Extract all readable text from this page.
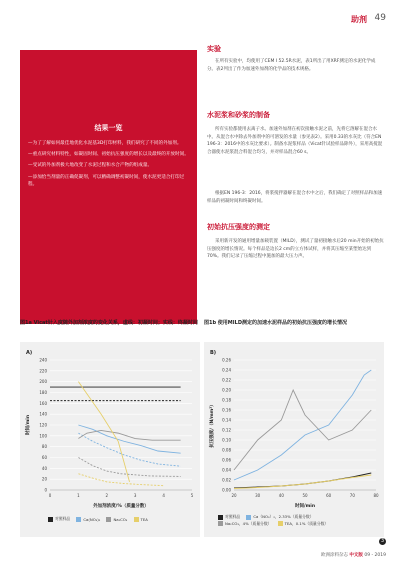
助剂 49
结果一览
—为了了解如何最佳地优化水泥基3D打印材料，我们研究了不同的外加剂。
—重点研究材料特性，如凝固时间、初始抗压强度的增长以及最终的开放时间。
—受试的外加剂极大地改变了水泥过程和水合产物的组成量。
—添加恰当剂量的正确促凝剂，可以精确调整初凝时间，使水泥更适合打印过程。
实验

在所有实验中，均使用了CEM I 52.5R水泥，表1所出了用XRF测定的水泥化学成分。表2列出了作为加速外加剂的化学品的技术规格。

水泥浆和砂浆的制备

所有实验都使用去离子水。加速外加剂在初次接触水泥之前，先将它溶解在混合水中。从混合水中除去外加剂中的可溶发的水量（参见表2）。采用0.33的水灰比（符合EN 196-3：2016中的水灰比要求）。制备水泥浆样品（Vicat针试验样品除外），采用高搅混合器使水泥浆混合料混合均匀，并对样品混合60 s。

根据EN 196-3：2016，将浆搅拌器解在混合水中之后，我们确定了对照样品和加速样品的初凝时间和终凝时间。

初始抗压强度的测定

采用新开发的通用增量加载装置（MILD），测试了量初接触水后20 min开始的初始抗压强度的增长情况。每个样品是边长2 cm的立方体试样，并将其压缩至某塑始达到70%。我们记录了压缩过程中施加的最大压力声。

图1a Vicat针入度随外加剂浓度的变化关系，虚线：初凝时间；实线：终凝时间	图1b 使用MILD测定的加速水泥样品的初始抗压强度的增长情况
A)
0
20
40
60
80
100
120
140
160
180
200
220
240
0	1	2	3	4	5
外加剂浓度/%（质量分数）
时间/min
对照样品
	Ca(NO₃)₂
	Na₂CO₃
	TEA
B)
0.00
0.02
0.04
0.06
0.08
0.10
0.12
0.14
0.16
0.18
0.20
0.22
0.24
0.26
20	30	40	50	60	70	80
时间/min
抗压强度/（N/mm²）
对照样品
	Ca（NO₃）₂，2.33%（质量分数）

Na₂CO₃，4%（质量分数）
	TEA，0.1%（质量分数）
3
欧洲涂料杂志 中文版 09 - 2019
